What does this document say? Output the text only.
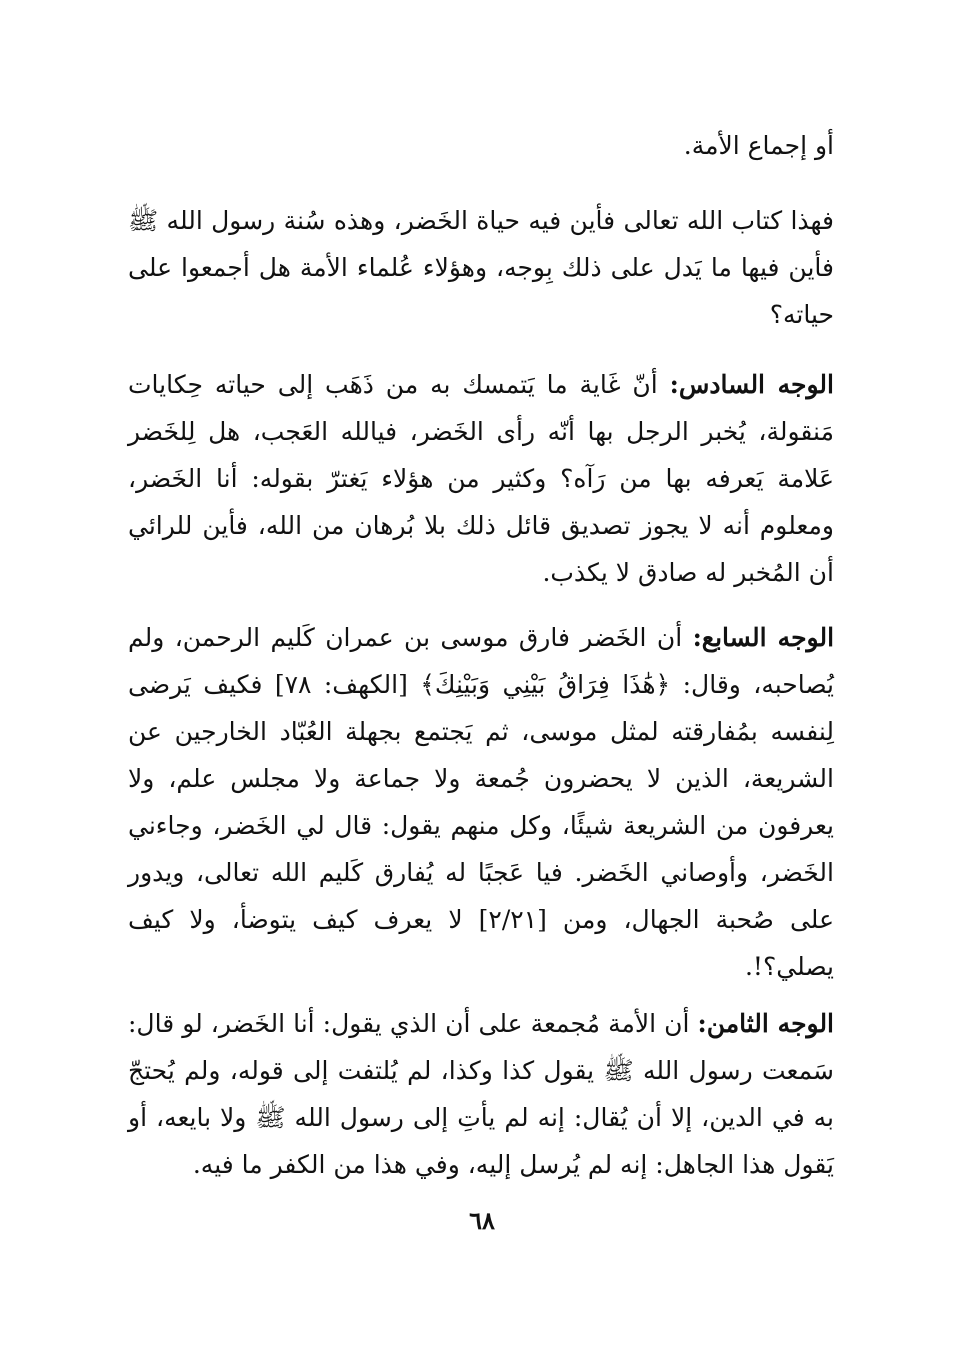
أو إجماع الأمة.

فهذا كتاب الله تعالى فأين فيه حياة الخَضر، وهذه سُنة رسول الله ﷺ فأين فيها ما يَدل على ذلك بِوجه، وهؤلاء عُلماء الأمة هل أجمعوا على حياته؟

الوجه السادس: أنّ غَاية ما يَتمسك به من ذَهَب إلى حياته حِكايات مَنقولة، يُخبر الرجل بها أنّه رأى الخَضر، فيالله العَجب، هل لِلخَضر عَلامة يَعرفه بها من رَآه؟ وكثير من هؤلاء يَغترّ بقوله: أنا الخَضر، ومعلوم أنه لا يجوز تصديق قائل ذلك بلا بُرهان من الله، فأين للرائي أن المُخبر له صادق لا يكذب.

الوجه السابع: أن الخَضر فارق موسى بن عمران كَليم الرحمن، ولم يُصاحبه، وقال: ﴿هَٰذَا فِرَاقُ بَيْنِي وَبَيْنِكَ﴾ [الكهف: ٧٨] فكيف يَرضى لِنفسه بمُفارقته لمثل موسى، ثم يَجتمع بجهلة العُبّاد الخارجين عن الشريعة، الذين لا يحضرون جُمعة ولا جماعة ولا مجلس علم، ولا يعرفون من الشريعة شيئًا، وكل منهم يقول: قال لي الخَضر، وجاءني الخَضر، وأوصاني الخَضر. فيا عَجبًا له يُفارق كَليم الله تعالى، ويدور على صُحبة الجهال، ومن [٢/٢١] لا يعرف كيف يتوضأ، ولا كيف يصلي؟!.

الوجه الثامن: أن الأمة مُجمعة على أن الذي يقول: أنا الخَضر، لو قال: سَمعت رسول الله ﷺ يقول كذا وكذا، لم يُلتفت إلى قوله، ولم يُحتجّ به في الدين، إلا أن يُقال: إنه لم يأتِ إلى رسول الله ﷺ ولا بايعه، أو يَقول هذا الجاهل: إنه لم يُرسل إليه، وفي هذا من الكفر ما فيه.

٦٨
